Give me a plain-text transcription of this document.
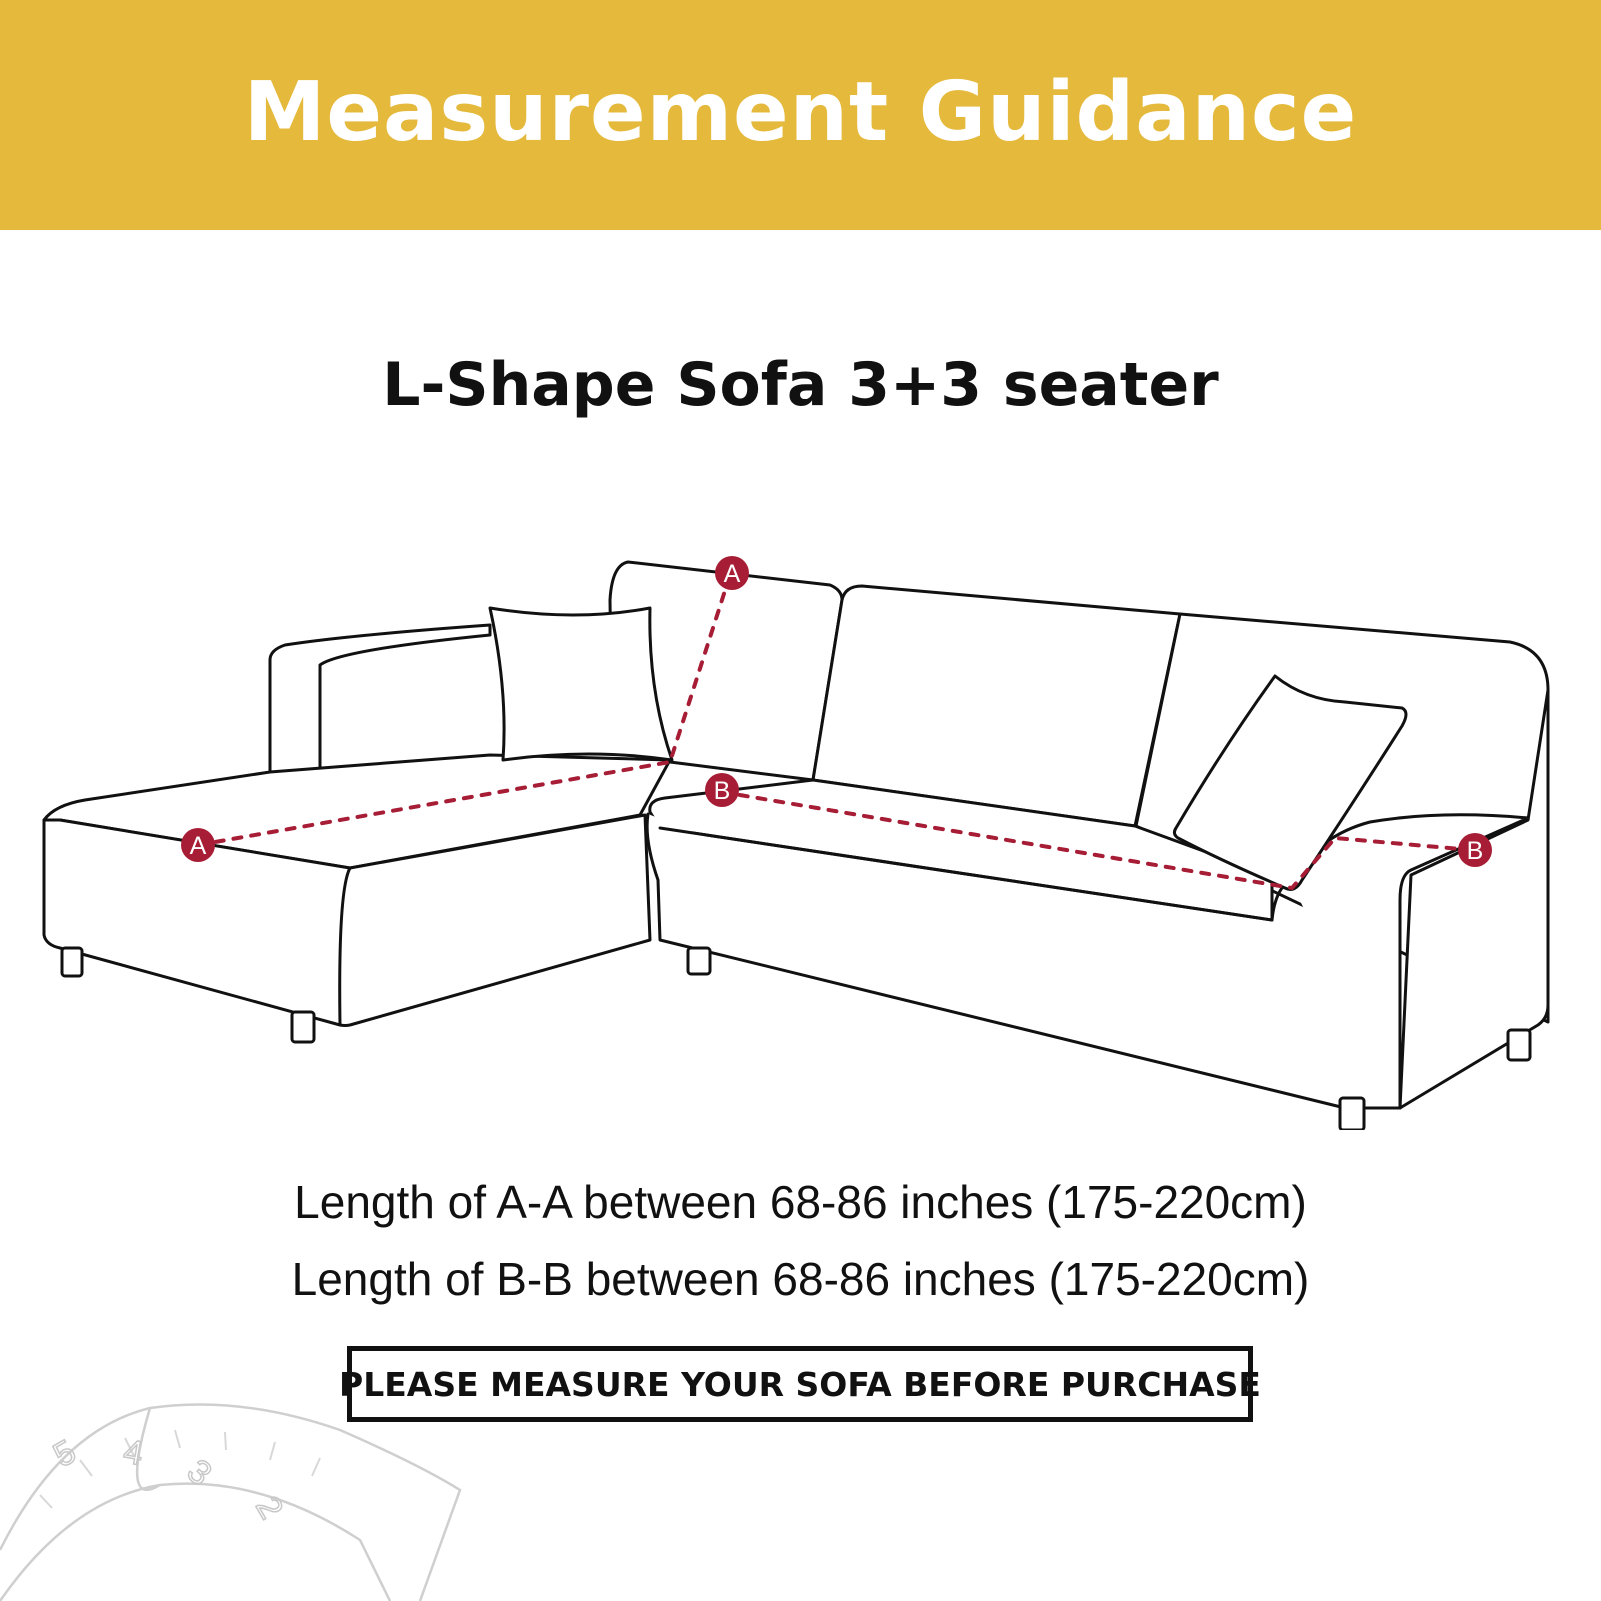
Measurement Guidance
L-Shape Sofa 3+3 seater
A
A
B
B
Length of A-A between 68-86 inches (175-220cm)
Length of B-B between 68-86 inches (175-220cm)
PLEASE MEASURE YOUR SOFA BEFORE PURCHASE
5 4 3
2
